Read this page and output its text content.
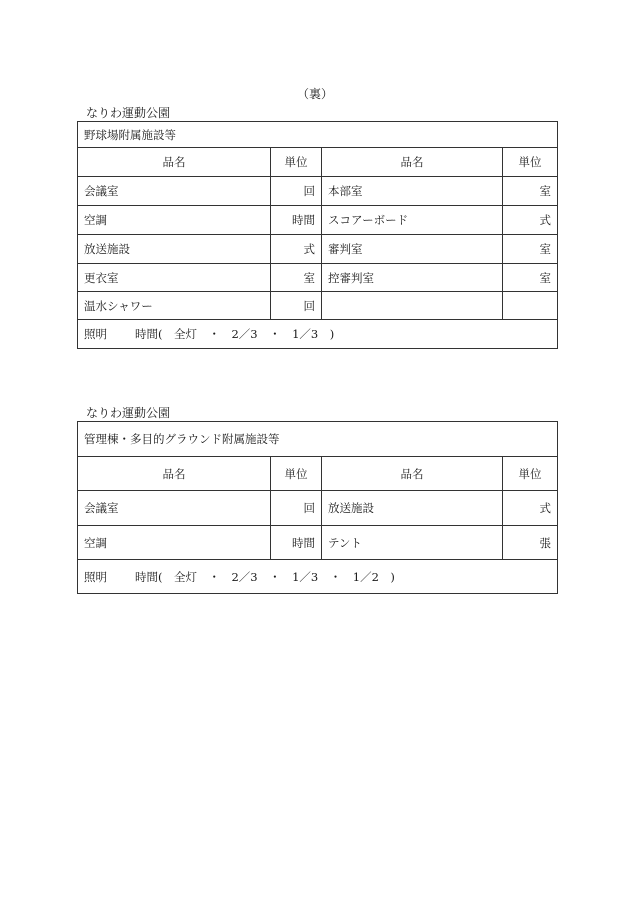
（裏）
なりわ運動公園
野球場附属施設等			
品名	単位	品名	単位
会議室	回	本部室	室
空調	時間	スコアーボード	式
放送施設	式	審判室	室
更衣室	室	控審判室	室
温水シャワー	回		
照明 時間(　全灯　・　2／3　・　1／3　)			
なりわ運動公園
管理棟・多目的グラウンド附属施設等			
品名	単位	品名	単位
会議室	回	放送施設	式
空調	時間	テント	張
照明 時間(　全灯　・　2／3　・　1／3　・　1／2　)			
